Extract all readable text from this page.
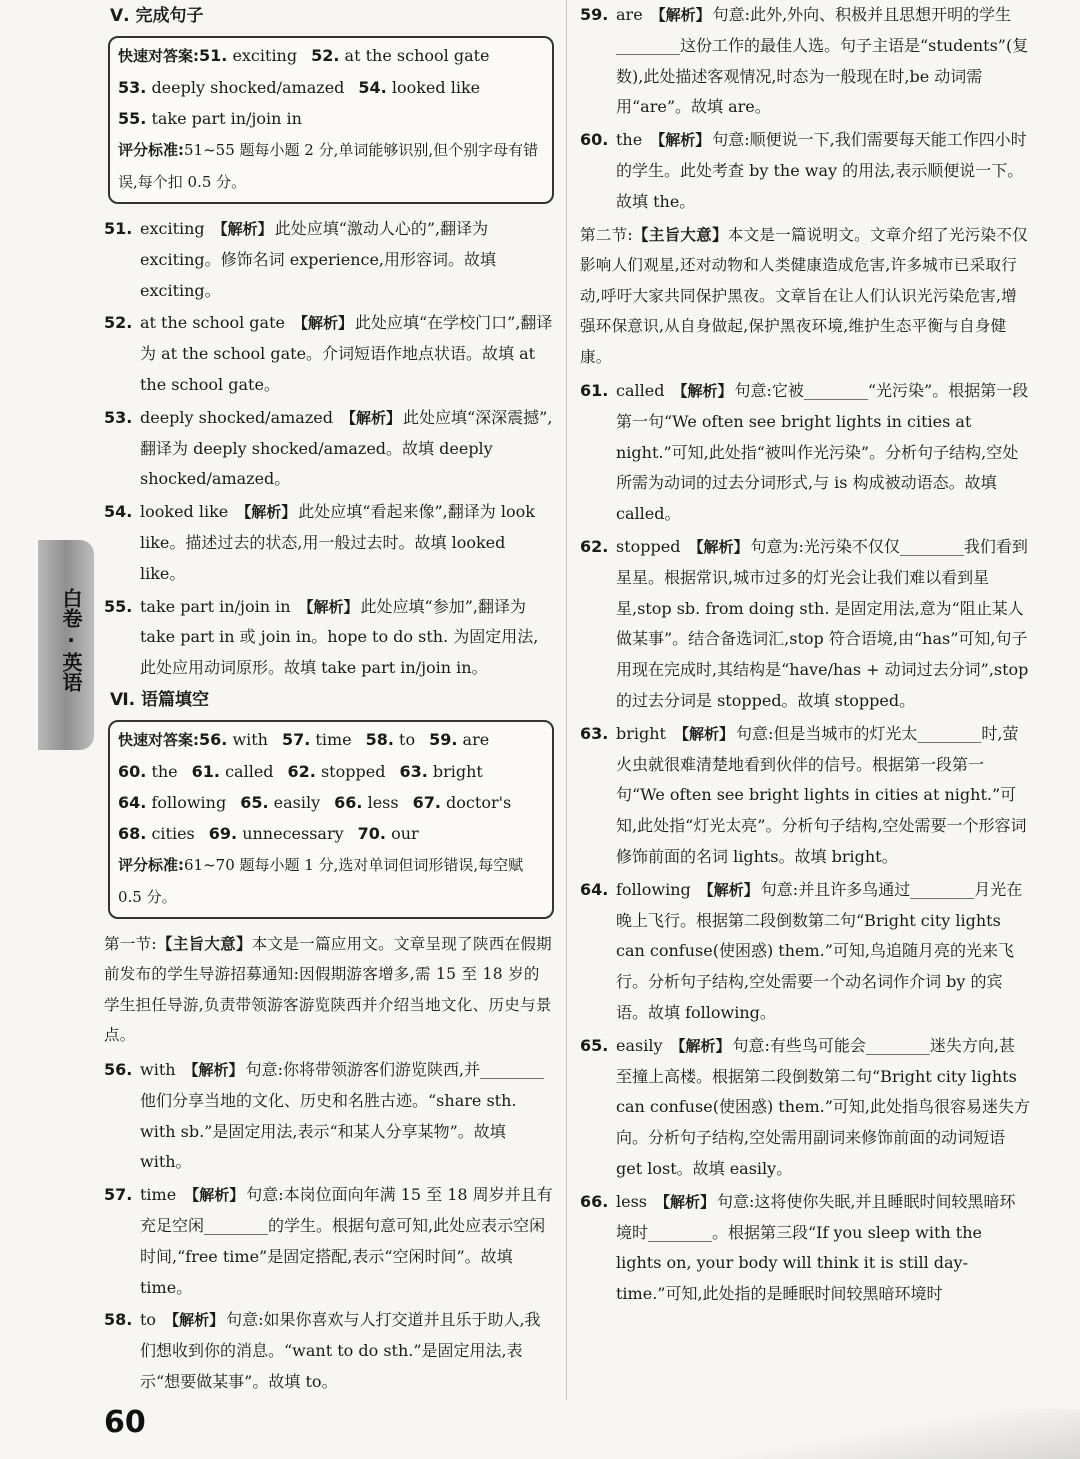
白卷·英语
Ⅴ. 完成句子
快速对答案:51. exciting 52. at the school gate
53. deeply shocked/amazed 54. looked like
55. take part in/join in
评分标准:51~55 题每小题 2 分,单词能够识别,但个别字母有错误,每个扣 0.5 分。
51. exciting 【解析】 此处应填“激动人心的”,翻译为 exciting。修饰名词 experience,用形容词。故填 exciting。
52. at the school gate 【解析】 此处应填“在学校门口”,翻译为 at the school gate。介词短语作地点状语。故填 at the school gate。
53. deeply shocked/amazed 【解析】 此处应填“深深震撼”,翻译为 deeply shocked/amazed。故填 deeply shocked/amazed。
54. looked like 【解析】 此处应填“看起来像”,翻译为 look like。描述过去的状态,用一般过去时。故填 looked like。
55. take part in/join in 【解析】 此处应填“参加”,翻译为 take part in 或 join in。hope to do sth. 为固定用法,此处应用动词原形。故填 take part in/join in。
Ⅵ. 语篇填空
快速对答案:56. with 57. time 58. to 59. are
60. the 61. called 62. stopped 63. bright
64. following 65. easily 66. less 67. doctor's
68. cities 69. unnecessary 70. our
评分标准:61~70 题每小题 1 分,选对单词但词形错误,每空赋 0.5 分。
第一节:【主旨大意】本文是一篇应用文。文章呈现了陕西在假期前发布的学生导游招募通知:因假期游客增多,需 15 至 18 岁的学生担任导游,负责带领游客游览陕西并介绍当地文化、历史与景点。
56. with 【解析】 句意:你将带领游客们游览陕西,并________他们分享当地的文化、历史和名胜古迹。“share sth. with sb.”是固定用法,表示“和某人分享某物”。故填 with。
57. time 【解析】 句意:本岗位面向年满 15 至 18 周岁并且有充足空闲________的学生。根据句意可知,此处应表示空闲时间,“free time”是固定搭配,表示“空闲时间”。故填 time。
58. to 【解析】 句意:如果你喜欢与人打交道并且乐于助人,我们想收到你的消息。“want to do sth.”是固定用法,表示“想要做某事”。故填 to。
59. are 【解析】 句意:此外,外向、积极并且思想开明的学生________这份工作的最佳人选。句子主语是“students”(复数),此处描述客观情况,时态为一般现在时,be 动词需用“are”。故填 are。
60. the 【解析】 句意:顺便说一下,我们需要每天能工作四小时的学生。此处考查 by the way 的用法,表示顺便说一下。故填 the。
第二节:【主旨大意】本文是一篇说明文。文章介绍了光污染不仅影响人们观星,还对动物和人类健康造成危害,许多城市已采取行动,呼吁大家共同保护黑夜。文章旨在让人们认识光污染危害,增强环保意识,从自身做起,保护黑夜环境,维护生态平衡与自身健康。
61. called 【解析】 句意:它被________“光污染”。根据第一段第一句“We often see bright lights in cities at night.”可知,此处指“被叫作光污染”。分析句子结构,空处所需为动词的过去分词形式,与 is 构成被动语态。故填 called。
62. stopped 【解析】 句意为:光污染不仅仅________我们看到星星。根据常识,城市过多的灯光会让我们难以看到星星,stop sb. from doing sth. 是固定用法,意为“阻止某人做某事”。结合备选词汇,stop 符合语境,由“has”可知,句子用现在完成时,其结构是“have/has + 动词过去分词”,stop 的过去分词是 stopped。故填 stopped。
63. bright 【解析】 句意:但是当城市的灯光太________时,萤火虫就很难清楚地看到伙伴的信号。根据第一段第一句“We often see bright lights in cities at night.”可知,此处指“灯光太亮”。分析句子结构,空处需要一个形容词修饰前面的名词 lights。故填 bright。
64. following 【解析】 句意:并且许多鸟通过________月光在晚上飞行。根据第二段倒数第二句“Bright city lights can confuse(使困惑) them.”可知,鸟追随月亮的光来飞行。分析句子结构,空处需要一个动名词作介词 by 的宾语。故填 following。
65. easily 【解析】 句意:有些鸟可能会________迷失方向,甚至撞上高楼。根据第二段倒数第二句“Bright city lights can confuse(使困惑) them.”可知,此处指鸟很容易迷失方向。分析句子结构,空处需用副词来修饰前面的动词短语 get lost。故填 easily。
66. less 【解析】 句意:这将使你失眠,并且睡眠时间较黑暗环境时________。根据第三段“If you sleep with the lights on, your body will think it is still day-time.”可知,此处指的是睡眠时间较黑暗环境时
60
